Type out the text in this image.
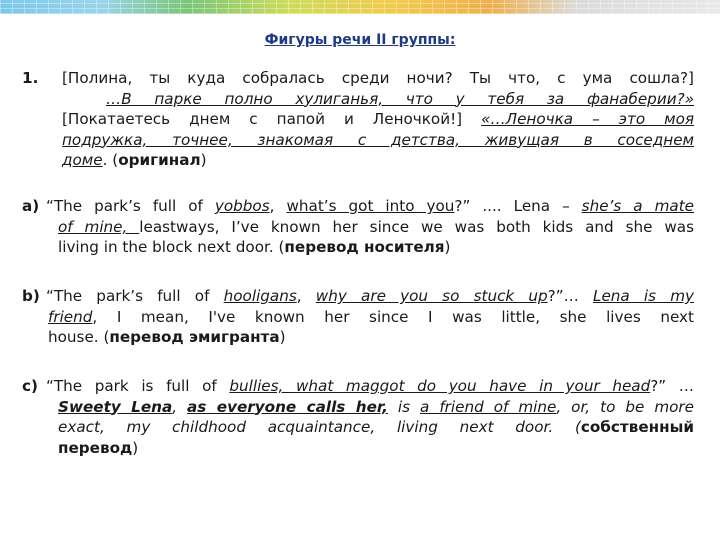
Фигуры речи II группы:
1. [Полина, ты куда собралась среди ночи? Ты что, с ума сошла?]
…В парке полно хулиганья, что у тебя за фанаберии?»
[Покатаетесь днем с папой и Леночкой!] «…Леночка – это моя
подружка, точнее, знакомая с детства, живущая в соседнем
доме. (оригинал)
a) “The park’s full of yobbos, what’s got into you?” .... Lena – she’s a mate
of mine, leastways, I’ve known her since we was both kids and she was
living in the block next door. (перевод носителя)
b) “The park’s full of hooligans, why are you so stuck up?”… Lena is my
friend, I mean, I've known her since I was little, she lives next
house. (перевод эмигранта)
c) “The park is full of bullies, what maggot do you have in your head?” …
Sweety Lena, as everyone calls her, is a friend of mine, or, to be more
exact, my childhood acquaintance, living next door. (собственный
перевод)
